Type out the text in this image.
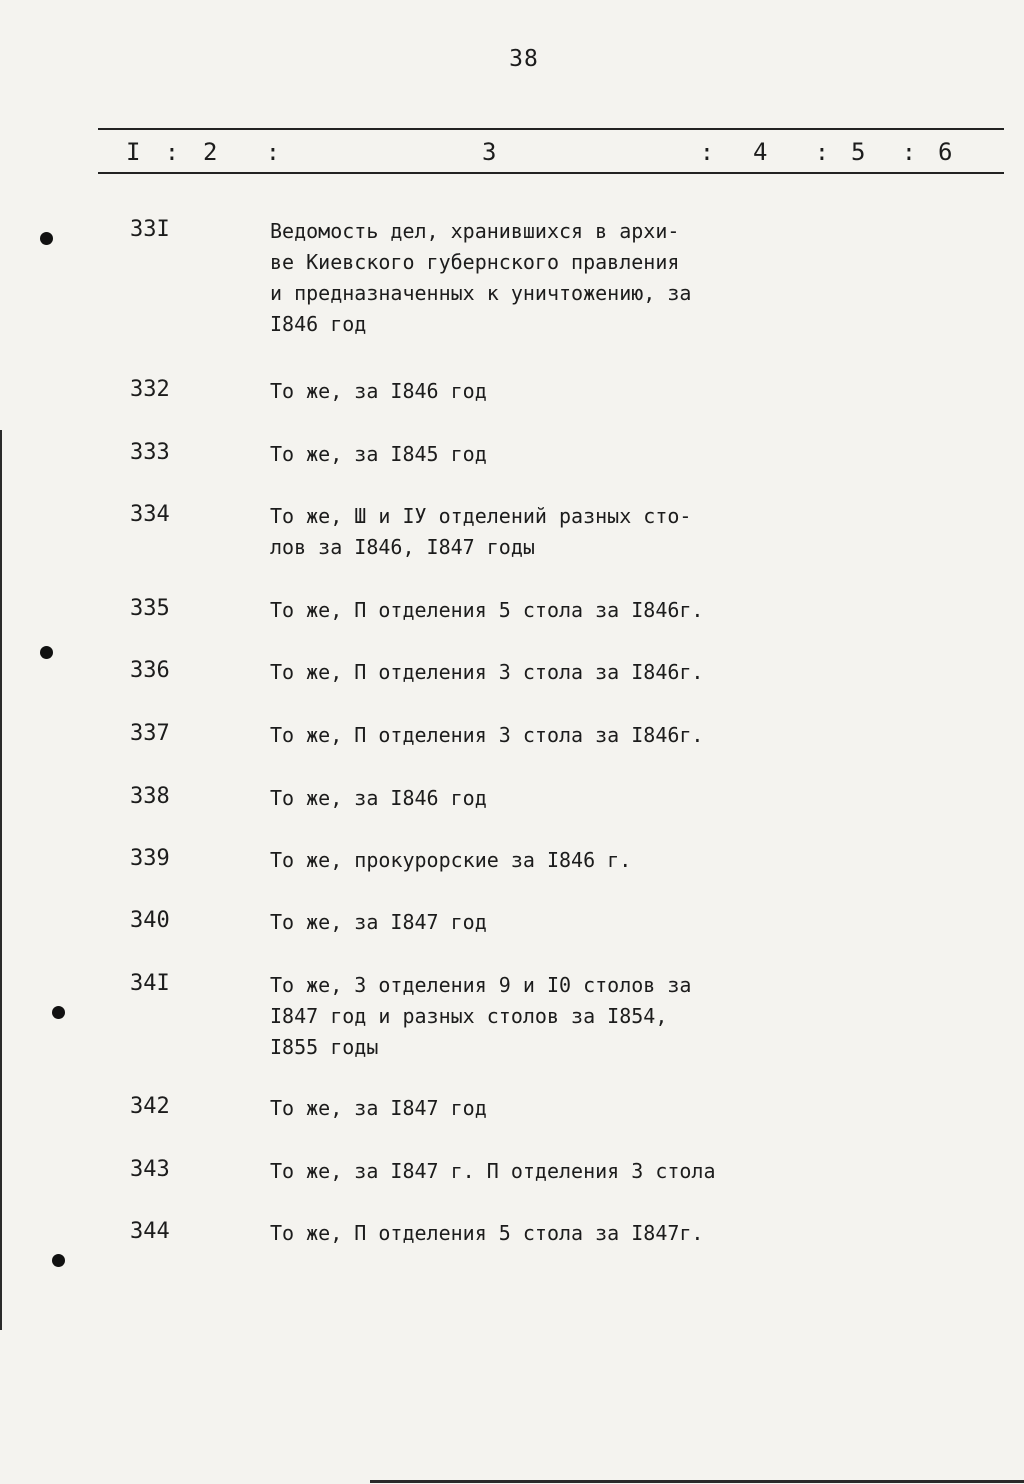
38
I : 2 :	3	: 4 : 5 : 6
33I	Ведомость дел, хранившихся в архи-
ве Киевского губернского правления
и предназначенных к уничтожению, за
I846 год
332	То же, за I846 год
333	То же, за I845 год
334	То же, Ш и IУ отделений разных сто-
лов за I846, I847 годы
335	То же, П отделения 5 стола за I846г.
336	То же, П отделения 3 стола за I846г.
337	То же, П отделения 3 стола за I846г.
338	То же, за I846 год
339	То же, прокурорские за I846 г.
340	То же, за I847 год
34I	То же, 3 отделения 9 и I0 столов за
I847 год и разных столов за I854,
I855 годы
342	То же, за I847 год
343	То же, за I847 г. П отделения 3 стола
344	То же, П отделения 5 стола за I847г.
